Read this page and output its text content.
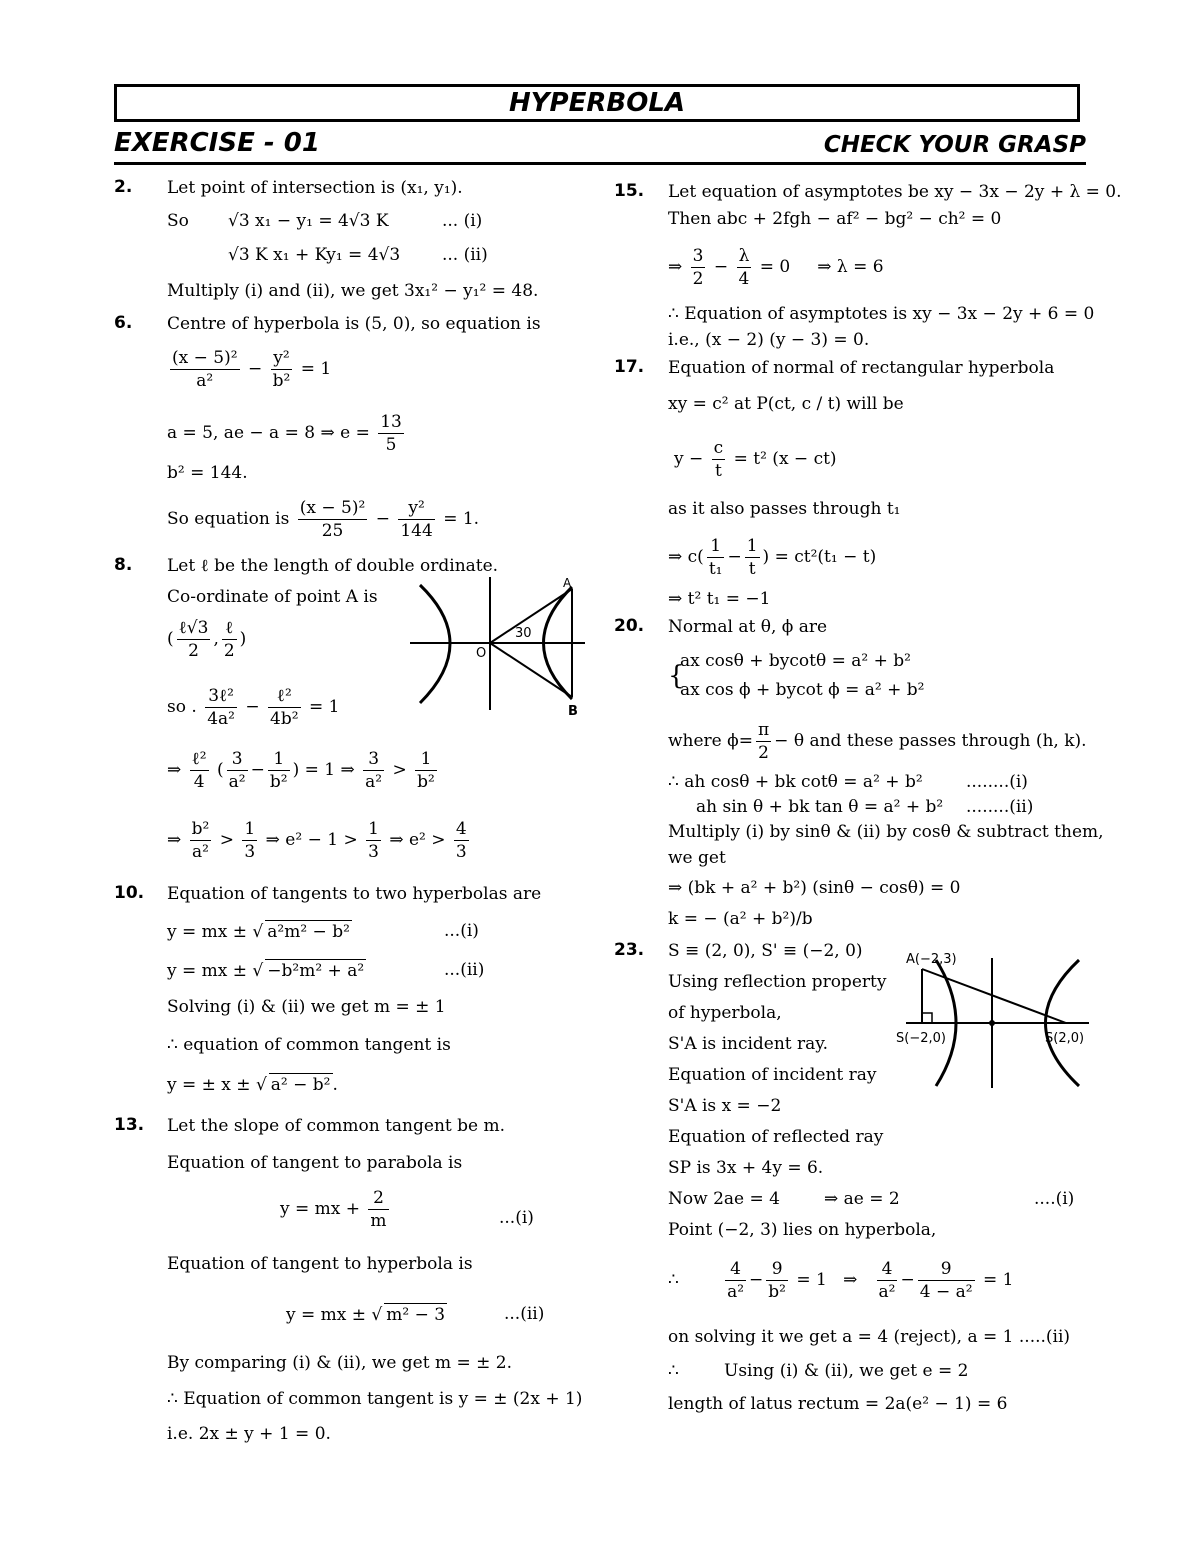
HYPERBOLA
EXERCISE - 01	CHECK YOUR GRASP
2. Let point of intersection is (x₁, y₁).
So √3 x₁ − y₁ = 4√3 K	... (i)
√3 K x₁ + Ky₁ = 4√3 ... (ii)
Multiply (i) and (ii), we get 3x₁² − y₁² = 48.
6. Centre of hyperbola is (5, 0), so equation is
$\frac{\text{(x − 5)²}}{\text{a²}} - \frac{\text{y²}}{\text{b²}} = 1$
a = 5, ae − a = 8 ⇒ $e = \frac{13}{5}$
b² = 144.
So equation is $\frac{\text{(x − 5)²}}{25} - \frac{\text{y²}}{144} = 1$.
8. Let ℓ be the length of double ordinate.
Co-ordinate of point A is
( $\frac{\text{ℓ√3}}{2}$ , $\frac{\text{ℓ}}{2}$ )
so . $\frac{\text{3ℓ²}}{\text{4a²}} - \frac{\text{ℓ²}}{\text{4b²}} = 1$
⇒ $\frac{\text{ℓ²}}{4}$ ( $\frac{3}{\text{a²}} - \frac{1}{\text{b²}}$ ) = 1 ⇒ $\frac{3}{\text{a²}} > \frac{1}{\text{b²}}$
⇒ $\frac{\text{b²}}{\text{a²}} > \frac{1}{3}$ ⇒ $e^2 - 1 > \frac{1}{3}$ ⇒ $e^2 > \frac{4}{3}$
A
B
O
30
10. Equation of tangents to two hyperbolas are
y = mx ± √ a²m² − b²	...(i)
y = mx ± √ −b²m² + a²	...(ii)
Solving (i) & (ii) we get m = ± 1
∴ equation of common tangent is
y = ± x ± √ a² − b² .
13. Let the slope of common tangent be m.
Equation of tangent to parabola is
y = mx + $\frac{2}{m}$	...(i)
Equation of tangent to hyperbola is
y = mx ± √ m² − 3	...(ii)
By comparing (i) & (ii), we get m = ± 2.
∴ Equation of common tangent is y = ± (2x + 1)
i.e. 2x ± y + 1 = 0.
15. Let equation of asymptotes be xy − 3x − 2y + λ = 0.
Then abc + 2fgh − af² − bg² − ch² = 0
⇒ $\frac{3}{2} - \frac{\lambda}{4} = 0$ ⇒ λ = 6
∴ Equation of asymptotes is xy − 3x − 2y + 6 = 0
i.e., (x − 2) (y − 3) = 0.
17. Equation of normal of rectangular hyperbola
xy = c² at P(ct, c / t) will be
$y - \frac{c}{t} = t^2$ (x − ct)
as it also passes through t₁
⇒ $c( \frac{1}{\text{t₁}} - \frac{1}{t}$ ) = ct²(t₁ − t)
⇒ t² t₁ = −1
20. Normal at θ, ϕ are
{
ax cosθ + bycotθ = a² + b²
ax cos ϕ + bycot ϕ = a² + b²
where $\phi= \frac{\pi}{2} - \theta$ and these passes through (h, k).
∴ ah cosθ + bk cotθ = a² + b²	........(i)
ah sin θ + bk tan θ = a² + b² ........(ii)
Multiply (i) by sinθ & (ii) by cosθ & subtract them,
we get
⇒ (bk + a² + b²) (sinθ − cosθ) = 0
k = − (a² + b²)/b
23. S ≡ (2, 0), S' ≡ (−2, 0)
Using reflection property
of hyperbola,
S'A is incident ray.
Equation of incident ray
S'A is x = −2
Equation of reflected ray
SP is 3x + 4y = 6.
Now 2ae = 4	⇒ ae = 2	....(i)
Point (−2, 3) lies on hyperbola,
∴	$\frac{4}{\text{a²}} - \frac{9}{\text{b²}} = 1$ ⇒ $\frac{4}{\text{a²}} - \frac{9}{\text{4 − a²}} = 1$
on solving it we get a = 4 (reject), a = 1 .....(ii)
∴	Using (i) & (ii), we get e = 2
length of latus rectum = 2a(e² − 1) = 6
A(−2,3)
S(−2,0)	S(2,0)
